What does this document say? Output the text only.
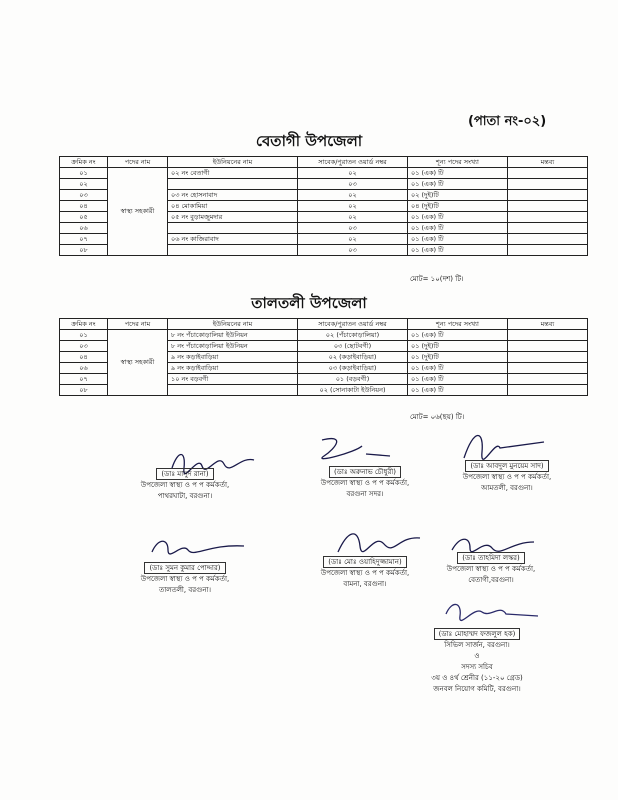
(পাতা নং-০২)
বেতাগী উপজেলা
ক্রমিক নং	পদের নাম	ইউনিয়নের নাম	সাবেক/পুরাতন ওয়ার্ড নম্বর	শূন্য পদের সংখ্যা	মন্তব্য
০১	স্বাস্থ্য সহকারী	০২ নং বেতাগী	০২	০১ (এক) টি	
০২			০৩	০১ (এক) টি	
০৩		০৩ নং হোসনাবাদ	০২	০২ (দুই)টি	
০৪		০৪ মোকামিয়া	০২	০৪ (দুই)টি	
০৫		০৫ নং বুড়ামজুমদার	০২	০১ (এক) টি	
০৬			০৩	০১ (এক) টি	
০৭		০৬ নং কাজিরাবাদ	০২	০১ (এক) টি	
০৮			০৩	০১ (এক) টি	
মোট= ১০(দশ) টি।
তালতলী উপজেলা
ক্রমিক নং	পদের নাম	ইউনিয়নের নাম	সাবেক/পুরাতন ওয়ার্ড নম্বর	শূন্য পদের সংখ্যা	মন্তব্য
০১	স্বাস্থ্য সহকারী	৮ নং পঁচাকোড়ালিয়া ইউনিয়ন	০২ (পঁচাকোড়ালিয়া)	০১ (এক) টি	
০৩		৮ নং পঁচাকোড়ালিয়া ইউনিয়ন	০৩ (ছোটবগী)	০১ (দুই)টি	
০৪		৯ নং কড়াইবাড়িয়া	০২ (কড়াইবাড়িয়া)	০১ (দুই)টি	
০৬		৯ নং কড়াইবাড়িয়া	০৩ (কড়াইবাড়িয়া)	০১ (এক) টি	
০৭		১০ নং বড়বগী	০১ (বড়বগী)	০১ (এক) টি	
০৮			০২ (সোনাকাটা ইউনিয়ন)	০১ (এক) টি	
মোট= ০৬(ছয়) টি।
(ডাঃ মাসুদ রানা)
উপজেলা স্বাস্থ্য ও প প কর্মকর্তা,
পাথরঘাটা, বরগুনা।
(ডাঃ অরুনাভ চৌধুরী)
উপজেলা স্বাস্থ্য ও প প কর্মকর্তা,
বরগুনা সদর।
(ডাঃ আবদুল মুনয়েম সাদ)
উপজেলা স্বাস্থ্য ও প প কর্মকর্তা,
আমতলী, বরগুনা।
(ডাঃ সুমন কুমার পোদ্দার)
উপজেলা স্বাস্থ্য ও প প কর্মকর্তা,
তালতলী, বরগুনা।
(ডাঃ মোঃ ওয়াহিদুজ্জামান)
উপজেলা স্বাস্থ্য ও প প কর্মকর্তা,
বামনা, বরগুনা।
(ডাঃ তাহমিদা লস্কর)
উপজেলা স্বাস্থ্য ও প প কর্মকর্তা,
বেতাগী,বরগুনা।
(ডাঃ মোহাম্মদ ফজলুল হক)
সিভিল সার্জন, বরগুনা।
ও
সদস্য সচিব
৩য় ও ৪র্থ শ্রেনীর (১১-২০ গ্রেড)
জনবল নিয়োগ কমিটি, বরগুনা।
